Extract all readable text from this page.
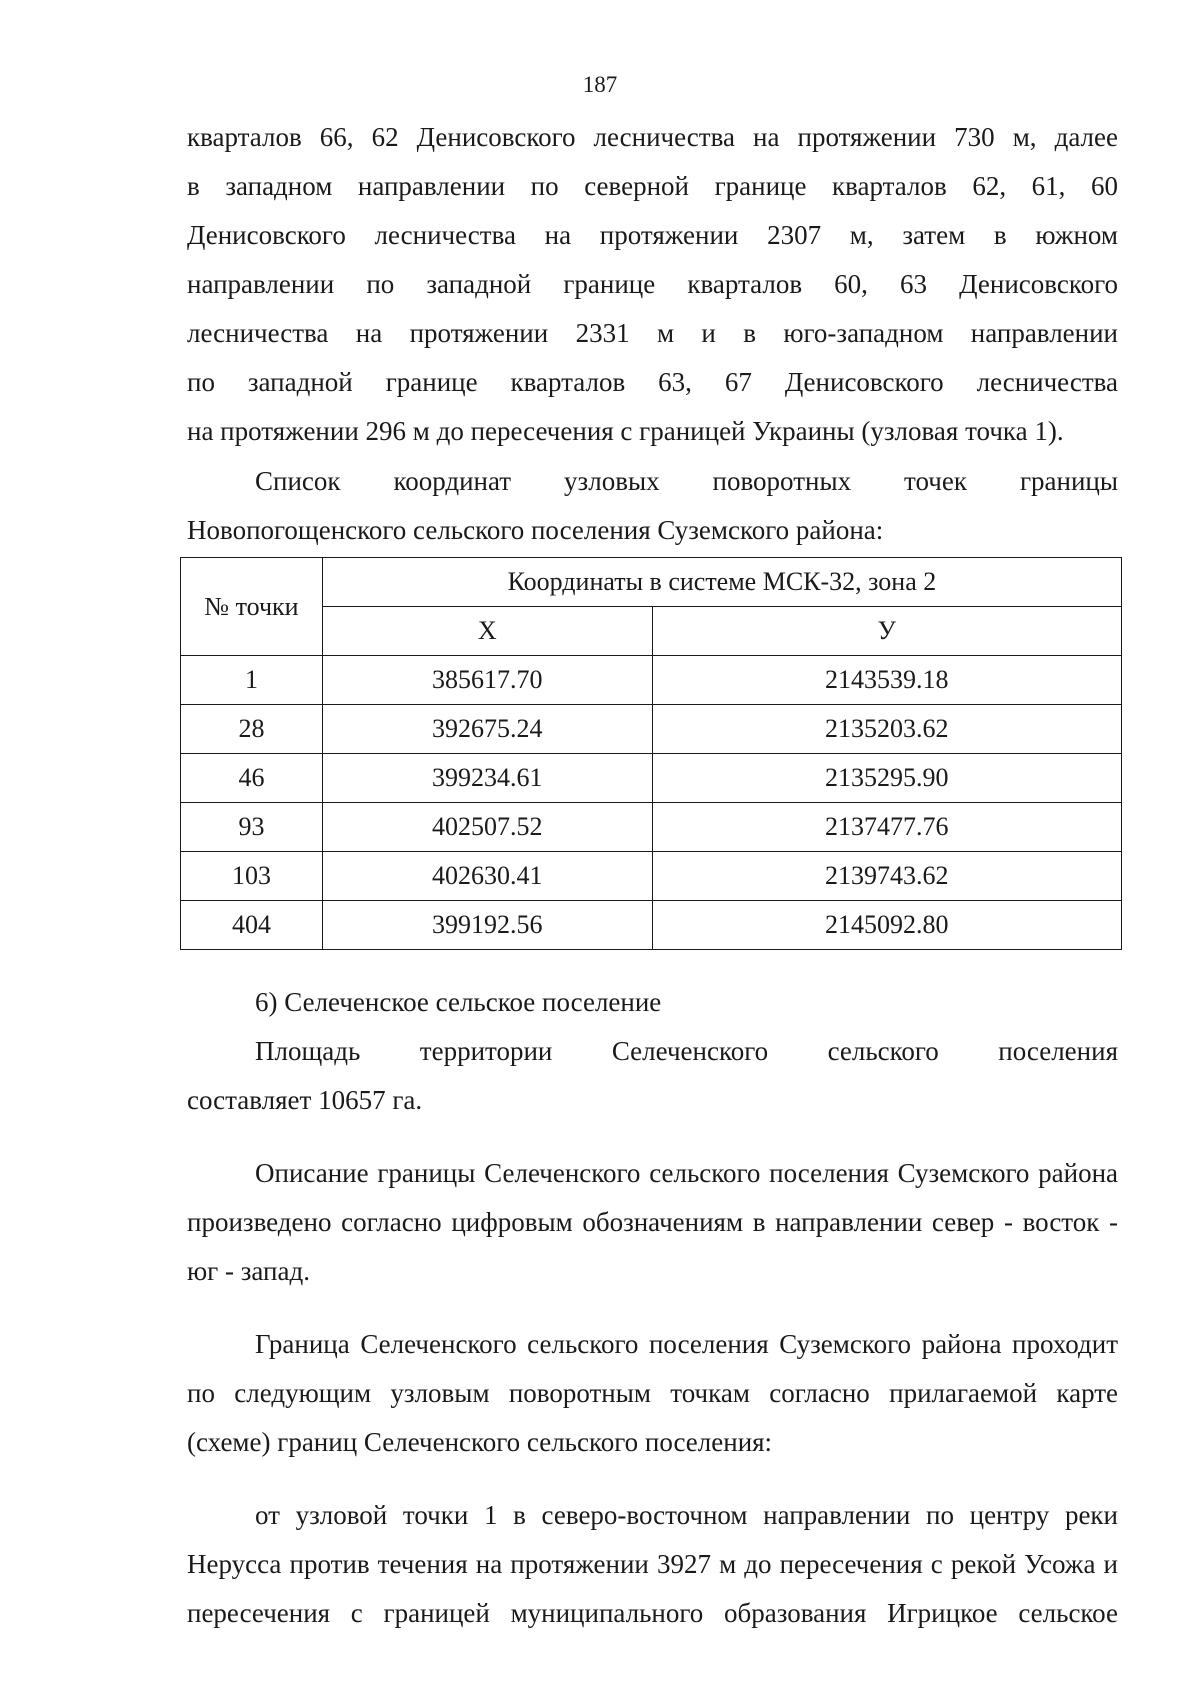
187

кварталов 66, 62 Денисовского лесничества на протяжении 730 м, далее

в западном направлении по северной границе кварталов 62, 61, 60

Денисовского лесничества на протяжении 2307 м, затем в южном

направлении по западной границе кварталов 60, 63 Денисовского

лесничества на протяжении 2331 м и в юго-западном направлении

по западной границе кварталов 63, 67 Денисовского лесничества

на протяжении 296 м до пересечения с границей Украины (узловая точка 1).

Список координат узловых поворотных точек границы

Новопогощенского сельского поселения Суземского района:

№ точки	Координаты в системе МСК-32, зона 2	
	Х	У
1	385617.70	2143539.18
28	392675.24	2135203.62
46	399234.61	2135295.90
93	402507.52	2137477.76
103	402630.41	2139743.62
404	399192.56	2145092.80

6) Селеченское сельское поселение

Площадь территории Селеченского сельского поселения

составляет 10657 га.

Описание границы Селеченского сельского поселения Суземского района произведено согласно цифровым обозначениям в направлении север - восток - юг - запад.

Граница Селеченского сельского поселения Суземского района проходит по следующим узловым поворотным точкам согласно прилагаемой карте (схеме) границ Селеченского сельского поселения:

от узловой точки 1 в северо-восточном направлении по центру реки Нерусса против течения на протяжении 3927 м до пересечения с рекой Усожа и пересечения с границей муниципального образования Игрицкое сельское
